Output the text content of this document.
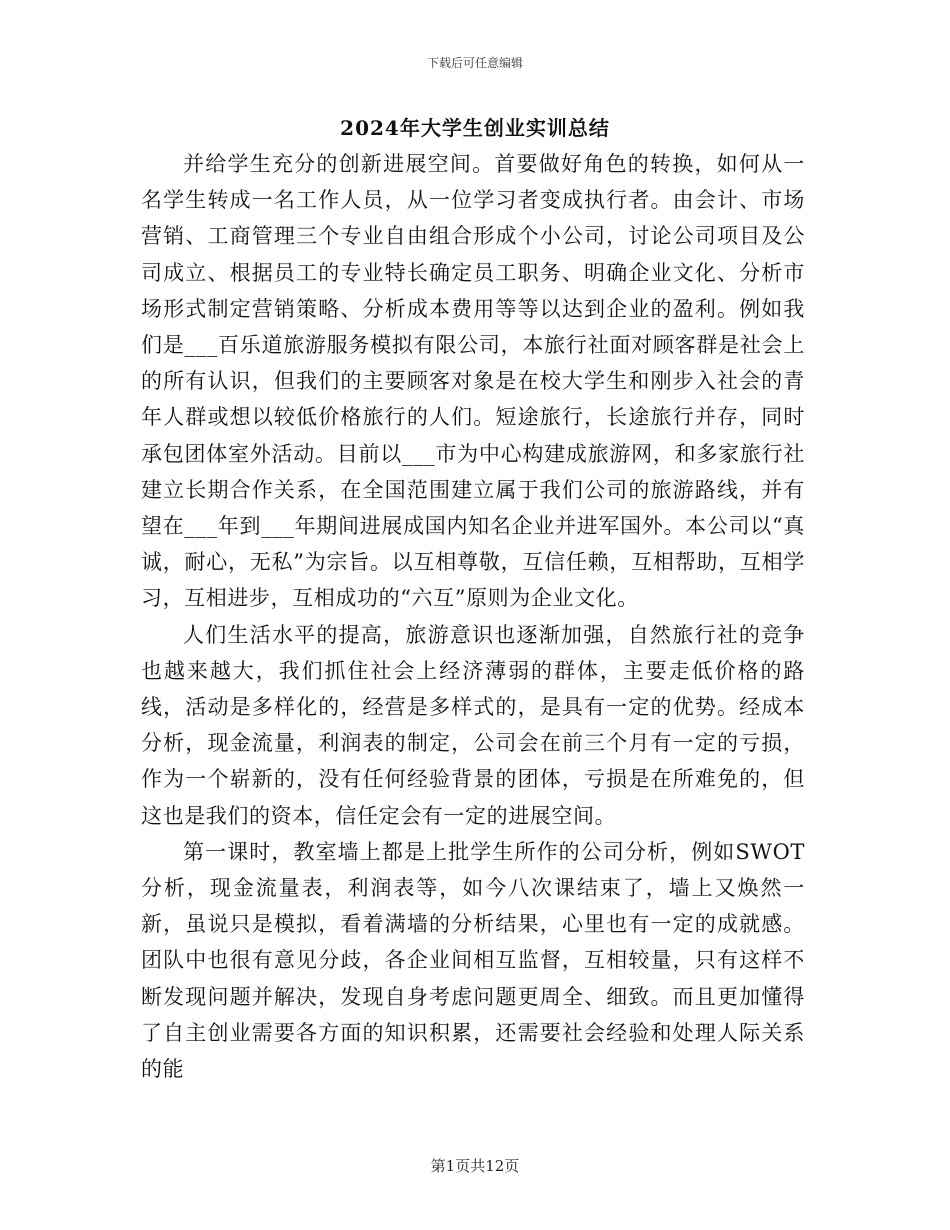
下载后可任意编辑
2024年大学生创业实训总结

并给学生充分的创新进展空间。首要做好角色的转换，如何从一名学生转成一名工作人员，从一位学习者变成执行者。由会计、市场营销、工商管理三个专业自由组合形成个小公司，讨论公司项目及公司成立、根据员工的专业特长确定员工职务、明确企业文化、分析市场形式制定营销策略、分析成本费用等等以达到企业的盈利。例如我们是___百乐道旅游服务模拟有限公司，本旅行社面对顾客群是社会上的所有认识，但我们的主要顾客对象是在校大学生和刚步入社会的青年人群或想以较低价格旅行的人们。短途旅行，长途旅行并存，同时承包团体室外活动。目前以___市为中心构建成旅游网，和多家旅行社建立长期合作关系，在全国范围建立属于我们公司的旅游路线，并有望在___年到___年期间进展成国内知名企业并进军国外。本公司以“真诚，耐心，无私”为宗旨。以互相尊敬，互信任赖，互相帮助，互相学习，互相进步，互相成功的“六互”原则为企业文化。

人们生活水平的提高，旅游意识也逐渐加强，自然旅行社的竞争也越来越大，我们抓住社会上经济薄弱的群体，主要走低价格的路线，活动是多样化的，经营是多样式的，是具有一定的优势。经成本分析，现金流量，利润表的制定，公司会在前三个月有一定的亏损，作为一个崭新的，没有任何经验背景的团体，亏损是在所难免的，但这也是我们的资本，信任定会有一定的进展空间。

第一课时，教室墙上都是上批学生所作的公司分析，例如SWOT分析，现金流量表，利润表等，如今八次课结束了，墙上又焕然一新，虽说只是模拟，看着满墙的分析结果，心里也有一定的成就感。团队中也很有意见分歧，各企业间相互监督，互相较量，只有这样不断发现问题并解决，发现自身考虑问题更周全、细致。而且更加懂得了自主创业需要各方面的知识积累，还需要社会经验和处理人际关系的能

第1页共12页
